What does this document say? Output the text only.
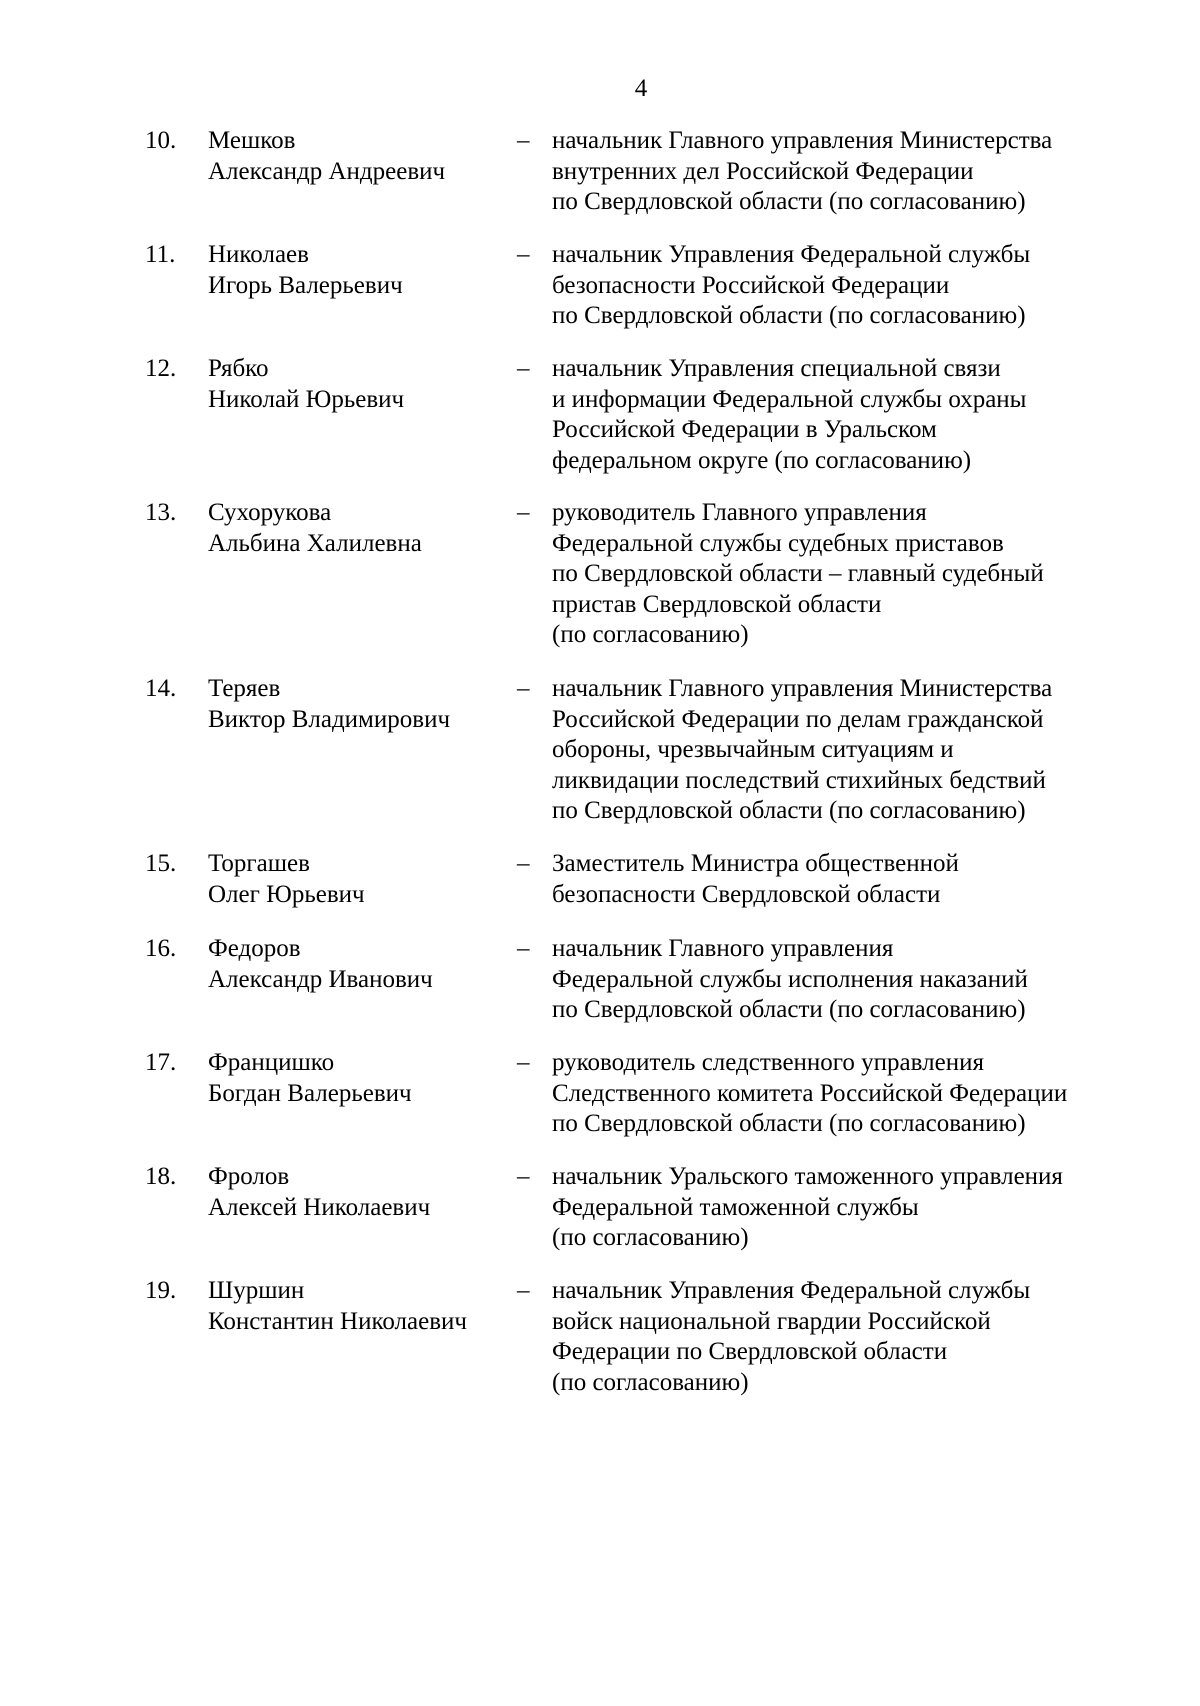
4
10.	Мешков
Александр Андреевич
– начальник Главного управления Министерства
внутренних дел Российской Федерации
по Свердловской области (по согласованию)
11.	Николаев
Игорь Валерьевич
– начальник Управления Федеральной службы
безопасности Российской Федерации
по Свердловской области (по согласованию)
12.	Рябко
Николай Юрьевич
– начальник Управления специальной связи
и информации Федеральной службы охраны
Российской Федерации в Уральском
федеральном округе (по согласованию)
13.	Сухорукова
Альбина Халилевна
– руководитель Главного управления
Федеральной службы судебных приставов
по Свердловской области – главный судебный
пристав Свердловской области
(по согласованию)
14.	Теряев
Виктор Владимирович
– начальник Главного управления Министерства
Российской Федерации по делам гражданской
обороны, чрезвычайным ситуациям и
ликвидации последствий стихийных бедствий
по Свердловской области (по согласованию)
15.	Торгашев
Олег Юрьевич
– Заместитель Министра общественной
безопасности Свердловской области
16.	Федоров
Александр Иванович
– начальник Главного управления
Федеральной службы исполнения наказаний
по Свердловской области (по согласованию)
17.	Францишко
Богдан Валерьевич
– руководитель следственного управления
Следственного комитета Российской Федерации
по Свердловской области (по согласованию)
18.	Фролов
Алексей Николаевич
– начальник Уральского таможенного управления
Федеральной таможенной службы
(по согласованию)
19.	Шуршин
Константин Николаевич
– начальник Управления Федеральной службы
войск национальной гвардии Российской
Федерации по Свердловской области
(по согласованию)
